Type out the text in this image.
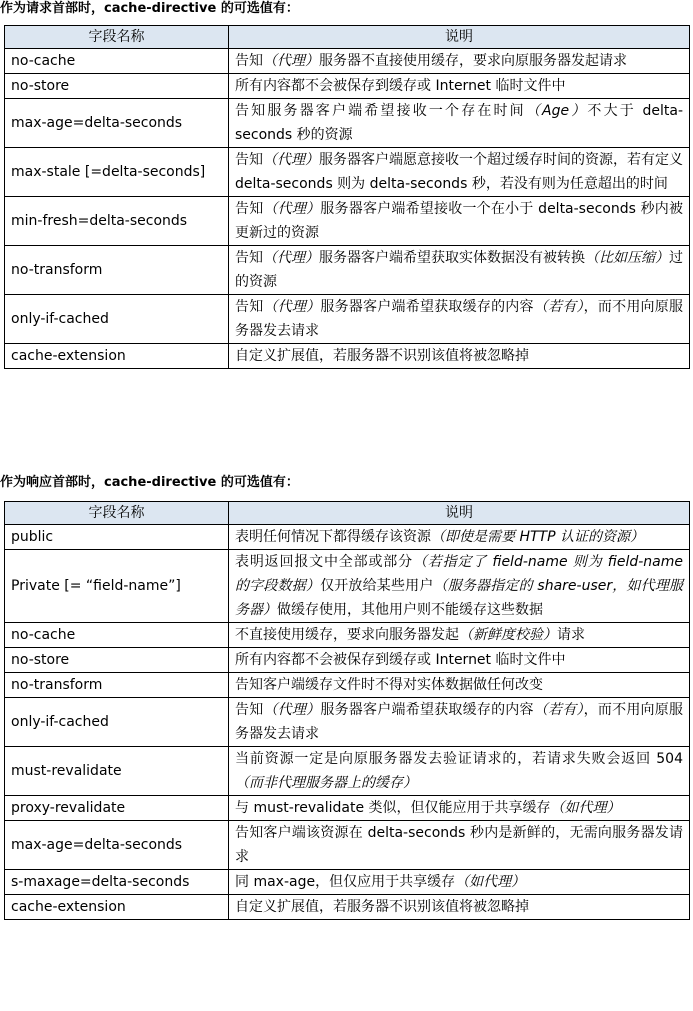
作为请求首部时，cache-directive 的可选值有：
字段名称	说明
no-cache	告知（代理）服务器不直接使用缓存，要求向原服务器发起请求
no-store	所有内容都不会被保存到缓存或 Internet 临时文件中
max-age=delta-seconds	告知服务器客户端希望接收一个存在时间（Age）不大于 delta-seconds 秒的资源
max-stale [=delta-seconds]	告知（代理）服务器客户端愿意接收一个超过缓存时间的资源，若有定义 delta-seconds 则为 delta-seconds 秒，若没有则为任意超出的时间
min-fresh=delta-seconds	告知（代理）服务器客户端希望接收一个在小于 delta-seconds 秒内被更新过的资源
no-transform	告知（代理）服务器客户端希望获取实体数据没有被转换（比如压缩）过的资源
only-if-cached	告知（代理）服务器客户端希望获取缓存的内容（若有），而不用向原服务器发去请求
cache-extension	自定义扩展值，若服务器不识别该值将被忽略掉
作为响应首部时，cache-directive 的可选值有：
字段名称	说明
public	表明任何情况下都得缓存该资源（即使是需要 HTTP 认证的资源）
Private [= “field-name”]	表明返回报文中全部或部分（若指定了 field-name 则为 field-name 的字段数据）仅开放给某些用户（服务器指定的 share-user，如代理服务器）做缓存使用，其他用户则不能缓存这些数据
no-cache	不直接使用缓存，要求向服务器发起（新鲜度校验）请求
no-store	所有内容都不会被保存到缓存或 Internet 临时文件中
no-transform	告知客户端缓存文件时不得对实体数据做任何改变
only-if-cached	告知（代理）服务器客户端希望获取缓存的内容（若有），而不用向原服务器发去请求
must-revalidate	当前资源一定是向原服务器发去验证请求的，若请求失败会返回 504（而非代理服务器上的缓存）
proxy-revalidate	与 must-revalidate 类似，但仅能应用于共享缓存（如代理）
max-age=delta-seconds	告知客户端该资源在 delta-seconds 秒内是新鲜的，无需向服务器发请求
s-maxage=delta-seconds	同 max-age，但仅应用于共享缓存（如代理）
cache-extension	自定义扩展值，若服务器不识别该值将被忽略掉
